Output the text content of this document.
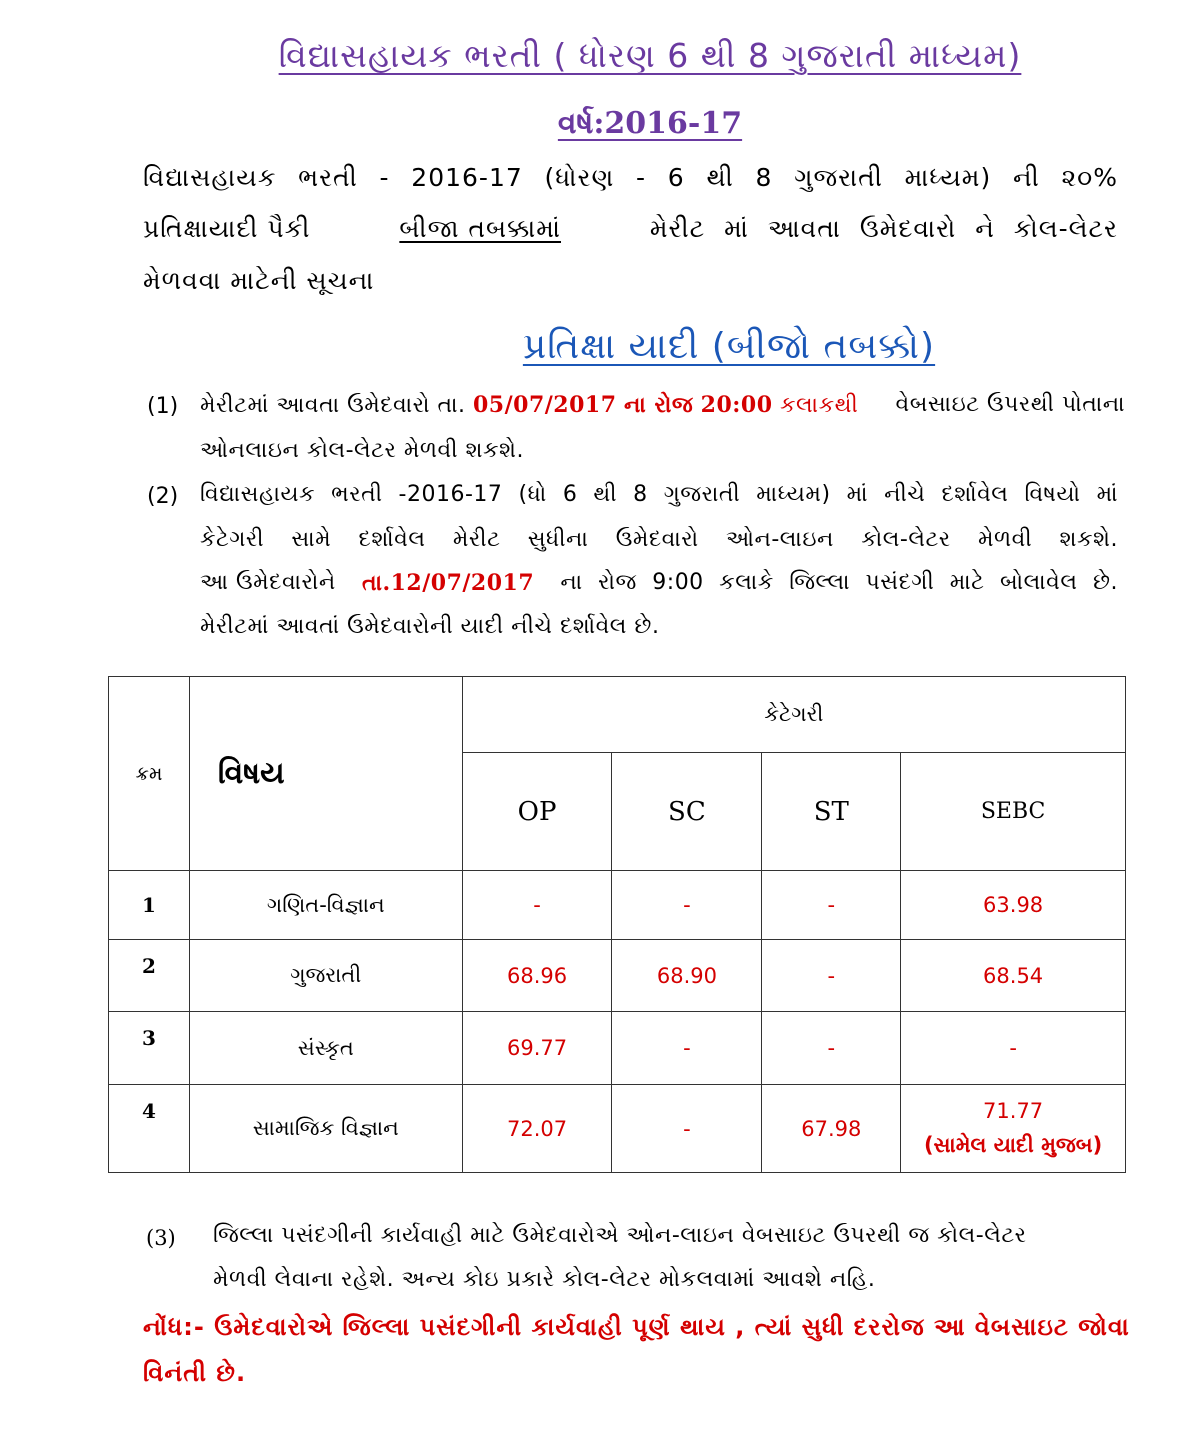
વિદ્યાસહાયક ભરતી ( ધોરણ 6 થી 8 ગુજરાતી માધ્યમ)
વર્ષ:2016-17
વિદ્યાસહાયક ભરતી - 2016-17 (ધોરણ - 6 થી 8 ગુજરાતી માધ્યમ) ની ૨૦%
પ્રતિક્ષાયાદી પૈકી	બીજા તબક્કામાં	મેરીટ માં આવતા ઉમેદવારો ને કોલ-લેટર
મેળવવા માટેની સૂચના
પ્રતિક્ષા યાદી (બીજો તબક્કો)
(1) મેરીટમાં આવતા ઉમેદવારો તા. 05/07/2017 ના રોજ 20:00 કલાકથી વેબસાઇટ ઉપરથી પોતાના
ઓનલાઇન કોલ-લેટર મેળવી શકશે.
(2) વિદ્યાસહાયક ભરતી -2016-17 (ધો 6 થી 8 ગુજરાતી માધ્યમ) માં નીચે દર્શાવેલ વિષયો માં
કેટેગરી સામે દર્શાવેલ મેરીટ સુધીના ઉમેદવારો ઓન-લાઇન કોલ-લેટર મેળવી શકશે.
આ ઉમેદવારોને તા.12/07/2017 ના રોજ 9:00 કલાકે જિલ્લા પસંદગી માટે બોલાવેલ છે.
મેરીટમાં આવતાં ઉમેદવારોની યાદી નીચે દર્શાવેલ છે.
ક્રમ	વિષય	કેટેગરી			
		OP	SC	ST	SEBC
1	ગણિત-વિજ્ઞાન	-	-	-	63.98
2	ગુજરાતી	68.96	68.90	-	68.54
3	સંસ્કૃત	69.77	-	-	-
4	સામાજિક વિજ્ઞાન	72.07	-	67.98	71.77
(સામેલ યાદી મુજબ)
(3) જિલ્લા પસંદગીની કાર્યવાહી માટે ઉમેદવારોએ ઓન-લાઇન વેબસાઇટ ઉપરથી જ કોલ-લેટર
મેળવી લેવાના રહેશે. અન્ય કોઇ પ્રકારે કોલ-લેટર મોકલવામાં આવશે નહિ.
નોંધ:- ઉમેદવારોએ જિલ્લા પસંદગીની કાર્યવાહી પૂર્ણ થાય , ત્યાં સુધી દરરોજ આ વેબસાઇટ જોવા
વિનંતી છે.
